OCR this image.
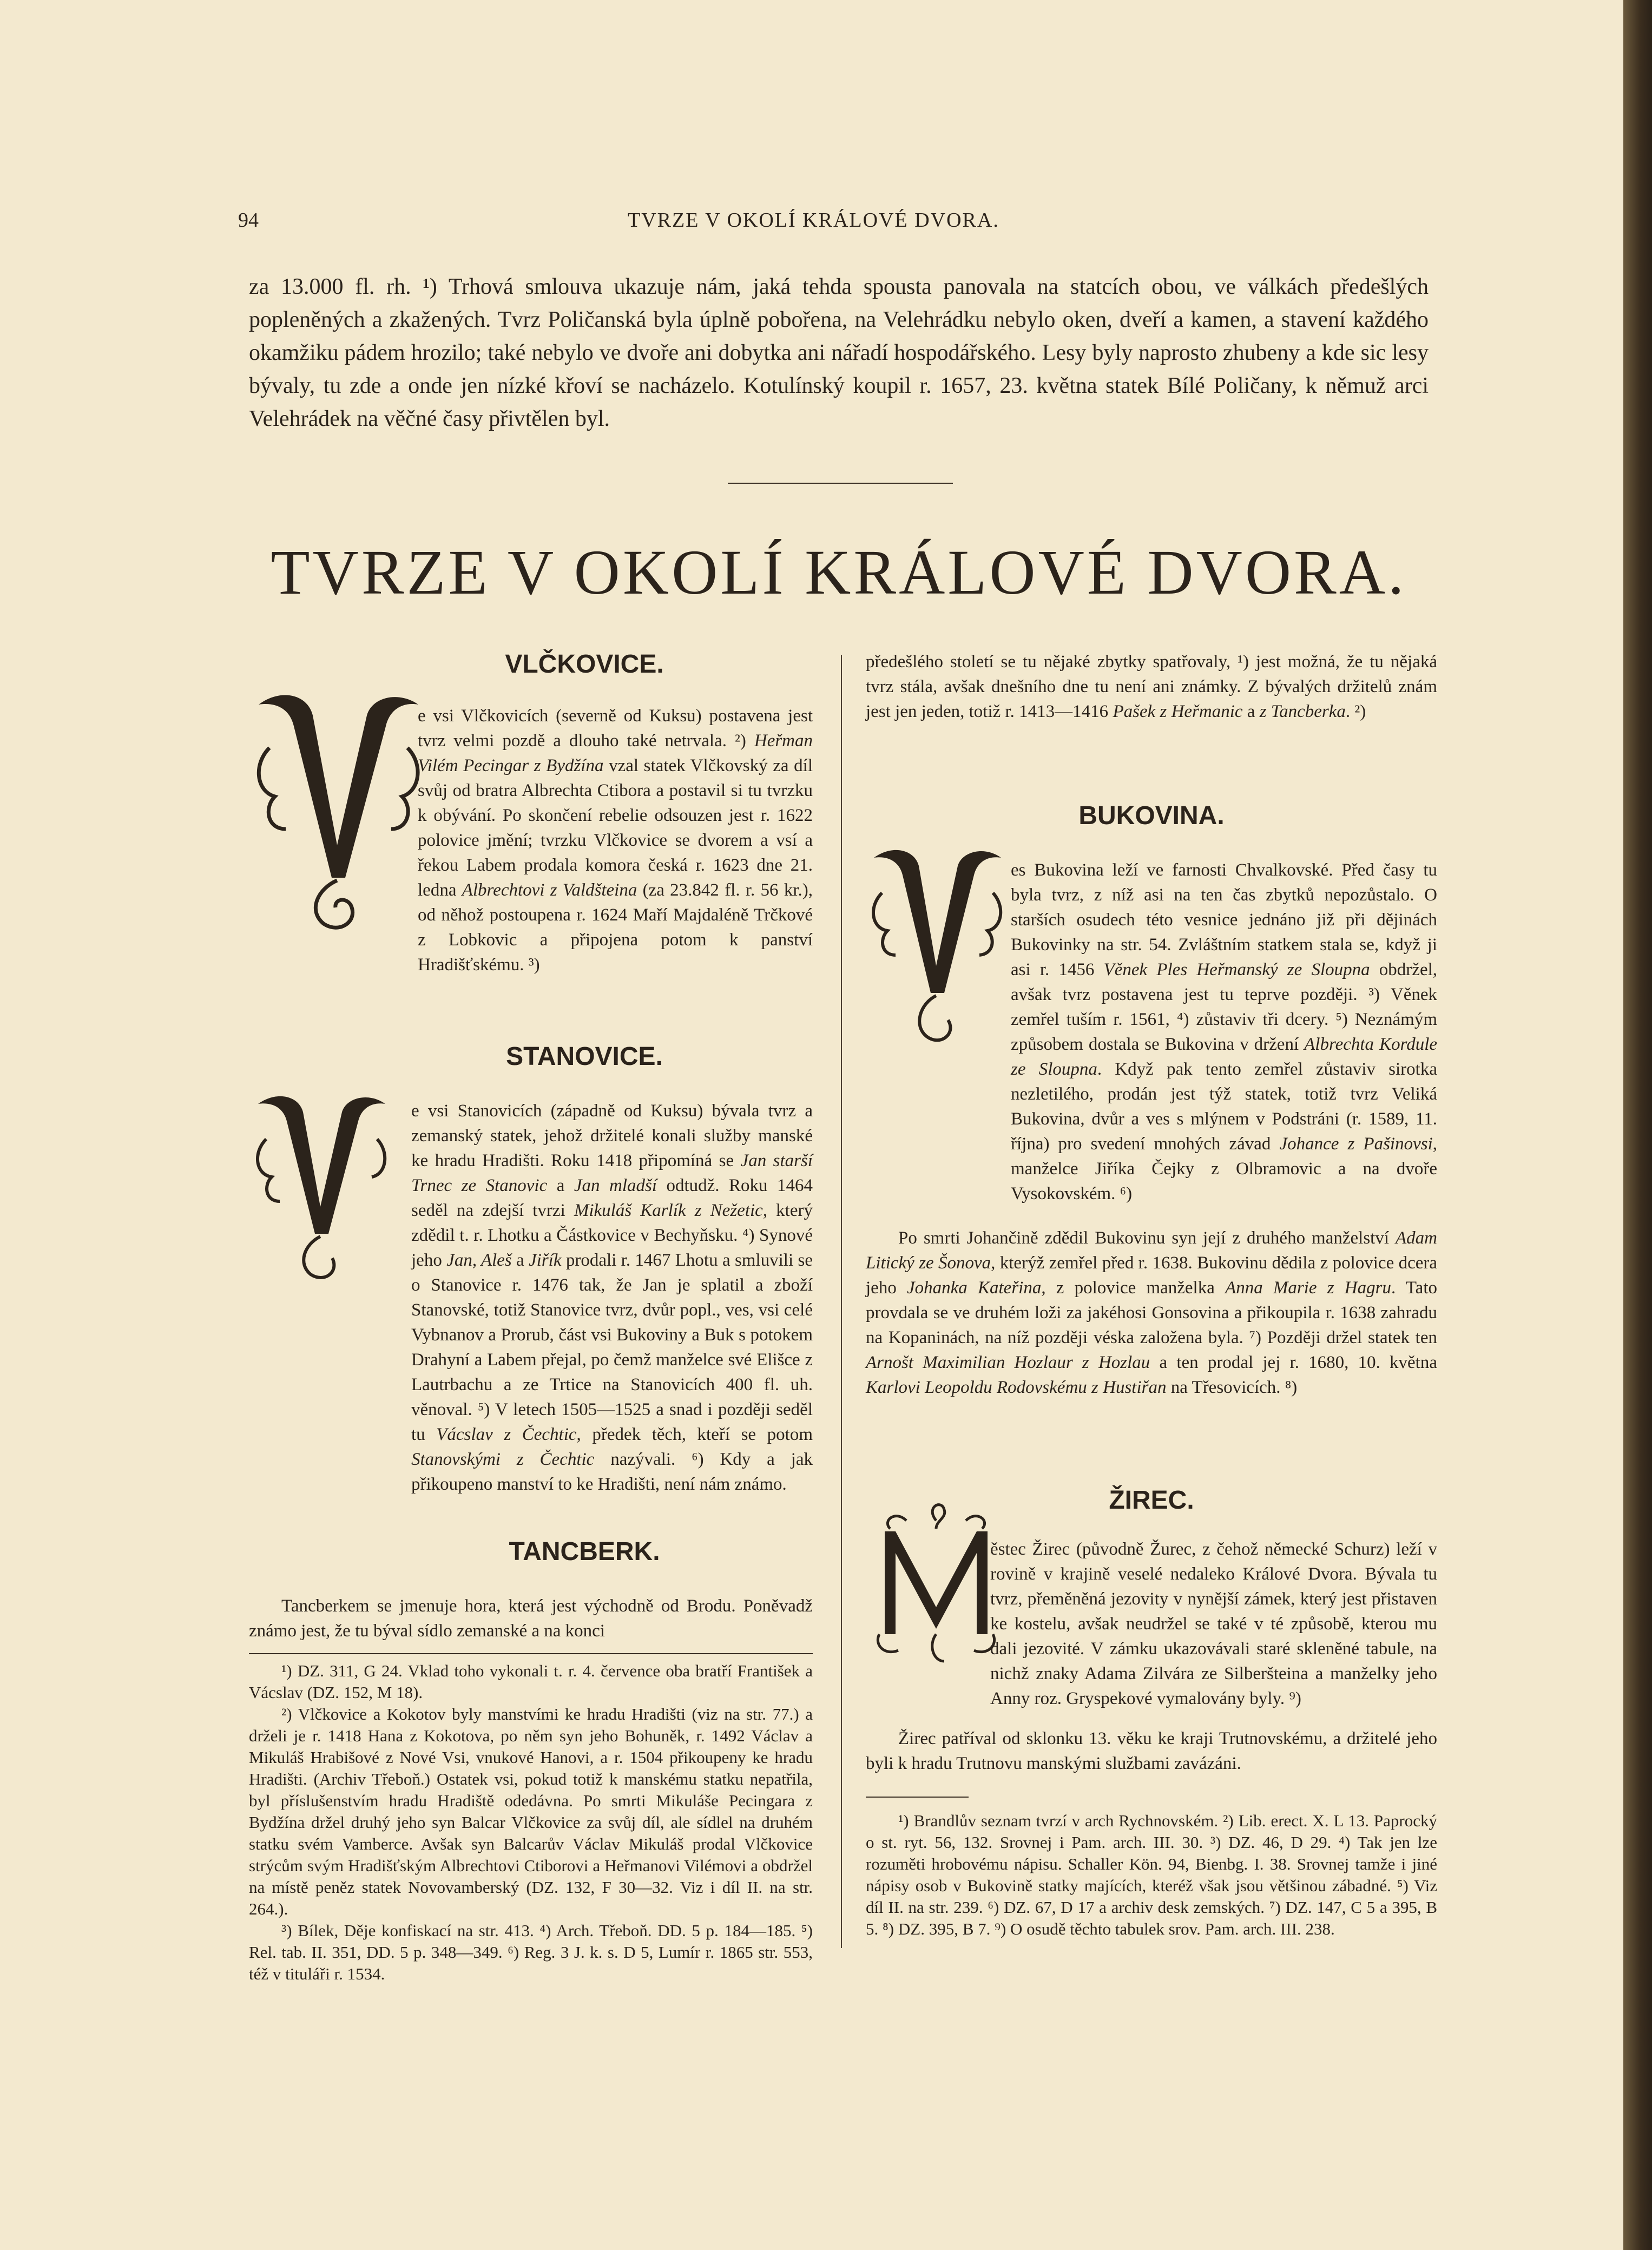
94	TVRZE V OKOLÍ KRÁLOVÉ DVORA.
za 13.000 fl. rh. ¹) Trhová smlouva ukazuje nám, jaká tehda spousta panovala na statcích obou, ve válkách předešlých popleněných a zkažených. Tvrz Poličanská byla úplně pobořena, na Velehrádku nebylo oken, dveří a kamen, a stavení každého okamžiku pádem hrozilo; také nebylo ve dvoře ani dobytka ani nářadí hospodářského. Lesy byly naprosto zhubeny a kde sic lesy bývaly, tu zde a onde jen nízké křoví se nacházelo. Kotulínský koupil r. 1657, 23. května statek Bílé Poličany, k němuž arci Velehrádek na věčné časy přivtělen byl.
TVRZE V OKOLÍ KRÁLOVÉ DVORA.
VLČKOVICE.

e vsi Vlčkovicích (severně od Kuksu) postavena jest tvrz velmi pozdě a dlouho také netrvala. ²) Heřman Vilém Pecingar z Bydžína vzal statek Vlčkovský za díl svůj od bratra Albrechta Ctibora a postavil si tu tvrzku k obývání. Po skončení rebelie odsouzen jest r. 1622 polovice jmění; tvrzku Vlčkovice se dvorem a vsí a řekou Labem prodala komora česká r. 1623 dne 21. ledna Albrechtovi z Valdšteina (za 23.842 fl. r. 56 kr.), od něhož postoupena r. 1624 Maří Majdaléně Trčkové z Lobkovic a připojena potom k panství Hradišťskému. ³)

STANOVICE.

e vsi Stanovicích (západně od Kuksu) bývala tvrz a zemanský statek, jehož držitelé konali služby manské ke hradu Hradišti. Roku 1418 připomíná se Jan starší Trnec ze Stanovic a Jan mladší odtudž. Roku 1464 seděl na zdejší tvrzi Mikuláš Karlík z Nežetic, který zdědil t. r. Lhotku a Částkovice v Bechyňsku. ⁴) Synové jeho Jan, Aleš a Jiřík prodali r. 1467 Lhotu a smluvili se o Stanovice r. 1476 tak, že Jan je splatil a zboží Stanovské, totiž Stanovice tvrz, dvůr popl., ves, vsi celé Vybnanov a Prorub, část vsi Bukoviny a Buk s potokem Drahyní a Labem přejal, po čemž manželce své Elišce z Lautrbachu a ze Trtice na Stanovicích 400 fl. uh. věnoval. ⁵) V letech 1505—1525 a snad i později seděl tu Vácslav z Čechtic, předek těch, kteří se potom Stanovskými z Čechtic nazývali. ⁶) Kdy a jak přikoupeno manství to ke Hradišti, není nám známo.

TANCBERK.

Tancberkem se jmenuje hora, která jest východně od Brodu. Poněvadž známo jest, že tu býval sídlo zemanské a na konci

¹) DZ. 311, G 24. Vklad toho vykonali t. r. 4. července oba bratří František a Vácslav (DZ. 152, M 18).

²) Vlčkovice a Kokotov byly manstvími ke hradu Hradišti (viz na str. 77.) a drželi je r. 1418 Hana z Kokotova, po něm syn jeho Bohuněk, r. 1492 Václav a Mikuláš Hrabišové z Nové Vsi, vnukové Hanovi, a r. 1504 přikoupeny ke hradu Hradišti. (Archiv Třeboň.) Ostatek vsi, pokud totiž k manskému statku nepatřila, byl příslušenstvím hradu Hradiště odedávna. Po smrti Mikuláše Pecingara z Bydžína držel druhý jeho syn Balcar Vlčkovice za svůj díl, ale sídlel na druhém statku svém Vamberce. Avšak syn Balcarův Václav Mikuláš prodal Vlčkovice strýcům svým Hradišťským Albrechtovi Ctiborovi a Heřmanovi Vilémovi a obdržel na místě peněz statek Novovamberský (DZ. 132, F 30—32. Viz i díl II. na str. 264.).

³) Bílek, Děje konfiskací na str. 413. ⁴) Arch. Třeboň. DD. 5 p. 184—185. ⁵) Rel. tab. II. 351, DD. 5 p. 348—349. ⁶) Reg. 3 J. k. s. D 5, Lumír r. 1865 str. 553, též v tituláři r. 1534.

předešlého století se tu nějaké zbytky spatřovaly, ¹) jest možná, že tu nějaká tvrz stála, avšak dnešního dne tu není ani známky. Z bývalých držitelů znám jest jen jeden, totiž r. 1413—1416 Pašek z Heřmanic a z Tancberka. ²)

BUKOVINA.

es Bukovina leží ve farnosti Chvalkovské. Před časy tu byla tvrz, z níž asi na ten čas zbytků nepozůstalo. O starších osudech této vesnice jednáno již při dějinách Bukovinky na str. 54. Zvláštním statkem stala se, když ji asi r. 1456 Věnek Ples Heřmanský ze Sloupna obdržel, avšak tvrz postavena jest tu teprve později. ³) Věnek zemřel tuším r. 1561, ⁴) zůstaviv tři dcery. ⁵) Neznámým způsobem dostala se Bukovina v držení Albrechta Kordule ze Sloupna. Když pak tento zemřel zůstaviv sirotka nezletilého, prodán jest týž statek, totiž tvrz Veliká Bukovina, dvůr a ves s mlýnem v Podstráni (r. 1589, 11. října) pro svedení mnohých závad Johance z Pašinovsi, manželce Jiříka Čejky z Olbramovic a na dvoře Vysokovském. ⁶)

Po smrti Johančině zdědil Bukovinu syn její z druhého manželství Adam Litický ze Šonova, kterýž zemřel před r. 1638. Bukovinu dědila z polovice dcera jeho Johanka Kateřina, z polovice manželka Anna Marie z Hagru. Tato provdala se ve druhém loži za jakéhosi Gonsovina a přikoupila r. 1638 zahradu na Kopaninách, na níž později véska založena byla. ⁷) Později držel statek ten Arnošt Maximilian Hozlaur z Hozlau a ten prodal jej r. 1680, 10. května Karlovi Leopoldu Rodovskému z Hustiřan na Třesovicích. ⁸)

ŽIREC.

ěstec Žirec (původně Žurec, z čehož německé Schurz) leží v rovině v krajině veselé nedaleko Králové Dvora. Bývala tu tvrz, přeměněná jezovity v nynější zámek, který jest přistaven ke kostelu, avšak neudržel se také v té způsobě, kterou mu dali jezovité. V zámku ukazovávali staré skleněné tabule, na nichž znaky Adama Zilvára ze Silberšteina a manželky jeho Anny roz. Gryspekové vymalovány byly. ⁹)

Žirec patříval od sklonku 13. věku ke kraji Trutnovskému, a držitelé jeho byli k hradu Trutnovu manskými službami zavázáni.

¹) Brandlův seznam tvrzí v arch Rychnovském. ²) Lib. erect. X. L 13. Paprocký o st. ryt. 56, 132. Srovnej i Pam. arch. III. 30. ³) DZ. 46, D 29. ⁴) Tak jen lze rozuměti hrobovému nápisu. Schaller Kön. 94, Bienbg. I. 38. Srovnej tamže i jiné nápisy osob v Bukovině statky majících, kteréž však jsou většinou zábadné. ⁵) Viz díl II. na str. 239. ⁶) DZ. 67, D 17 a archiv desk zemských. ⁷) DZ. 147, C 5 a 395, B 5. ⁸) DZ. 395, B 7. ⁹) O osudě těchto tabulek srov. Pam. arch. III. 238.
